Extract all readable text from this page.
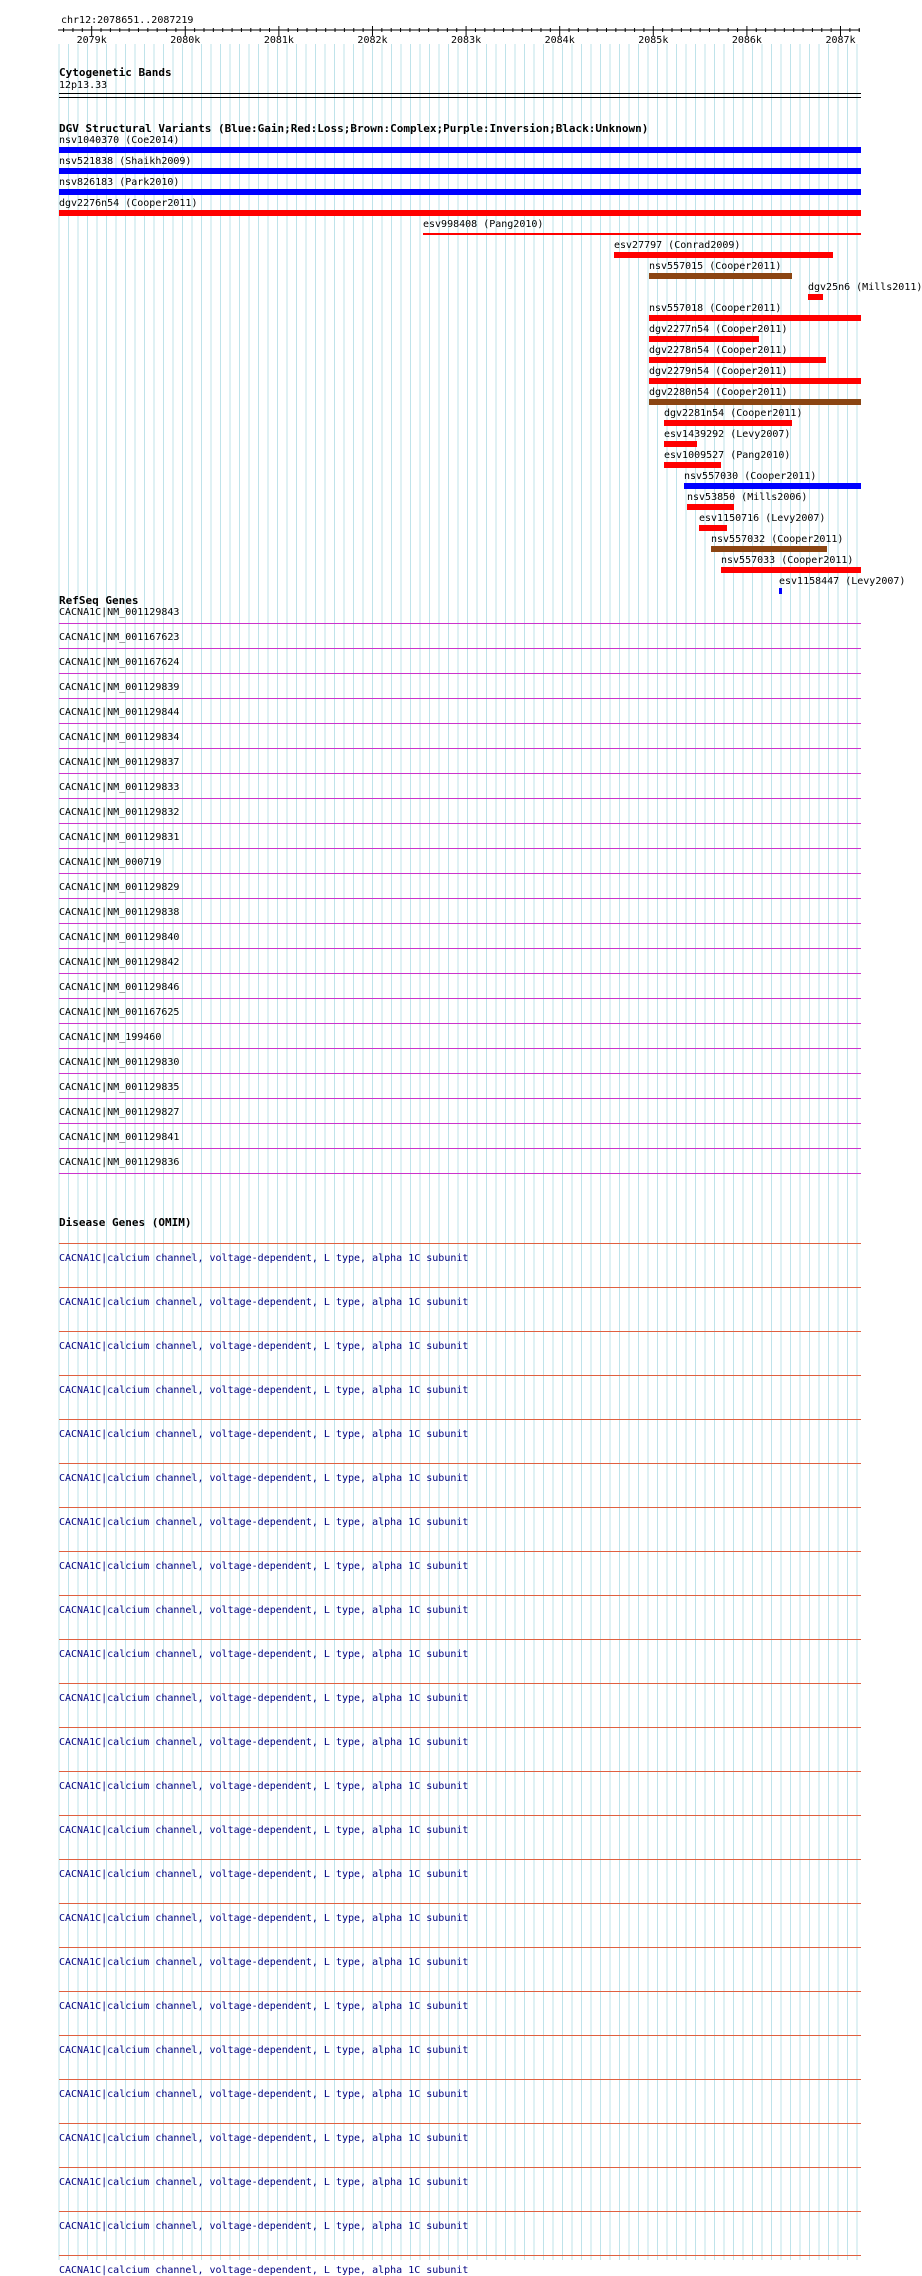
chr12:2078651..2087219
2079k	2080k	2081k	2082k	2083k	2084k	2085k	2086k	2087k
Cytogenetic Bands
12p13.33
DGV Structural Variants (Blue:Gain;Red:Loss;Brown:Complex;Purple:Inversion;Black:Unknown)
nsv1040370 (Coe2014)
nsv521838 (Shaikh2009)
nsv826183 (Park2010)
dgv2276n54 (Cooper2011)
esv998408 (Pang2010)
esv27797 (Conrad2009)
nsv557015 (Cooper2011)
dgv25n6 (Mills2011)
nsv557018 (Cooper2011)
dgv2277n54 (Cooper2011)
dgv2278n54 (Cooper2011)
dgv2279n54 (Cooper2011)
dgv2280n54 (Cooper2011)
dgv2281n54 (Cooper2011)
esv1439292 (Levy2007)
esv1009527 (Pang2010)
nsv557030 (Cooper2011)
nsv53850 (Mills2006)
esv1150716 (Levy2007)
nsv557032 (Cooper2011)
nsv557033 (Cooper2011)
esv1158447 (Levy2007)
RefSeq Genes
CACNA1C|NM_001129843
CACNA1C|NM_001167623
CACNA1C|NM_001167624
CACNA1C|NM_001129839
CACNA1C|NM_001129844
CACNA1C|NM_001129834
CACNA1C|NM_001129837
CACNA1C|NM_001129833
CACNA1C|NM_001129832
CACNA1C|NM_001129831
CACNA1C|NM_000719
CACNA1C|NM_001129829
CACNA1C|NM_001129838
CACNA1C|NM_001129840
CACNA1C|NM_001129842
CACNA1C|NM_001129846
CACNA1C|NM_001167625
CACNA1C|NM_199460
CACNA1C|NM_001129830
CACNA1C|NM_001129835
CACNA1C|NM_001129827
CACNA1C|NM_001129841
CACNA1C|NM_001129836
Disease Genes (OMIM)
CACNA1C|calcium channel, voltage-dependent, L type, alpha 1C subunit
CACNA1C|calcium channel, voltage-dependent, L type, alpha 1C subunit
CACNA1C|calcium channel, voltage-dependent, L type, alpha 1C subunit
CACNA1C|calcium channel, voltage-dependent, L type, alpha 1C subunit
CACNA1C|calcium channel, voltage-dependent, L type, alpha 1C subunit
CACNA1C|calcium channel, voltage-dependent, L type, alpha 1C subunit
CACNA1C|calcium channel, voltage-dependent, L type, alpha 1C subunit
CACNA1C|calcium channel, voltage-dependent, L type, alpha 1C subunit
CACNA1C|calcium channel, voltage-dependent, L type, alpha 1C subunit
CACNA1C|calcium channel, voltage-dependent, L type, alpha 1C subunit
CACNA1C|calcium channel, voltage-dependent, L type, alpha 1C subunit
CACNA1C|calcium channel, voltage-dependent, L type, alpha 1C subunit
CACNA1C|calcium channel, voltage-dependent, L type, alpha 1C subunit
CACNA1C|calcium channel, voltage-dependent, L type, alpha 1C subunit
CACNA1C|calcium channel, voltage-dependent, L type, alpha 1C subunit
CACNA1C|calcium channel, voltage-dependent, L type, alpha 1C subunit
CACNA1C|calcium channel, voltage-dependent, L type, alpha 1C subunit
CACNA1C|calcium channel, voltage-dependent, L type, alpha 1C subunit
CACNA1C|calcium channel, voltage-dependent, L type, alpha 1C subunit
CACNA1C|calcium channel, voltage-dependent, L type, alpha 1C subunit
CACNA1C|calcium channel, voltage-dependent, L type, alpha 1C subunit
CACNA1C|calcium channel, voltage-dependent, L type, alpha 1C subunit
CACNA1C|calcium channel, voltage-dependent, L type, alpha 1C subunit
CACNA1C|calcium channel, voltage-dependent, L type, alpha 1C subunit
